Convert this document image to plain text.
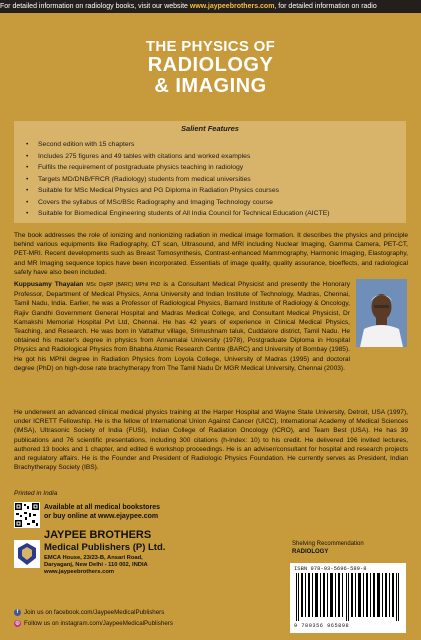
For detailed information on radiology books, visit our website www.jaypeebrothers.com, for detailed information on radio
THE PHYSICS OF
RADIOLOGY
& IMAGING
Salient Features
• Second edition with 15 chapters
• Includes 275 figures and 49 tables with citations and worked examples
• Fulfils the requirement of postgraduate physics teaching in radiology
• Targets MD/DNB/FRCR (Radiology) students from medical universities
• Suitable for MSc Medical Physics and PG Diploma in Radiation Physics courses
• Covers the syllabus of MSc/BSc Radiography and Imaging Technology course
• Suitable for Biomedical Engineering students of All India Council for Technical Education (AICTE)

The book addresses the role of ionizing and nonionizing radiation in medical image formation. It describes the physics and principle behind various equipments like Radiography, CT scan, Ultrasound, and MRI including Nuclear Imaging, Gamma Camera, PET-CT, PET-MRI. Recent developments such as Breast Tomosynthesis, Contrast-enhanced Mammography, Harmonic Imaging, Elastography, and MR Imaging sequence topics have been incorporated. Essentials of image quality, quality assurance, bioeffects, and radiological safety have also been included.

Kuppusamy Thayalan MSc DipRP (BARC) MPhil PhD is a Consultant Medical Physicist and presently the Honorary Professor, Department of Medical Physics, Anna University and Indian Institute of Technology, Madras, Chennai, Tamil Nadu, India. Earlier, he was a Professor of Radiological Physics, Barnard Institute of Radiology & Oncology, Rajiv Gandhi Government General Hospital and Madras Medical College, and Consultant Medical Physicist, Dr Kamakshi Memorial Hospital Pvt Ltd, Chennai. He has 42 years of experience in Clinical Medical Physics, Teaching, and Research. He was born in Vattathur village, Srimushnam taluk, Cuddalore district, Tamil Nadu. He obtained his master's degree in physics from Annamalai University (1978), Postgraduate Diploma in Hospital Physics and Radiological Physics from Bhabha Atomic Research Centre (BARC) and University of Bombay (1985). He got his MPhil degree in Radiation Physics from Loyola College, University of Madras (1995) and doctoral degree (PhD) on high-dose rate brachytherapy from The Tamil Nadu Dr MGR Medical University, Chennai (2003).

He underwent an advanced clinical medical physics training at the Harper Hospital and Wayne State University, Detroit, USA (1997), under ICRETT Fellowship. He is the fellow of International Union Against Cancer (UICC), International Academy of Medical Sciences (IMSA), Ultrasonic Society of India (FUSI), Indian College of Radiation Oncology (ICRO), and Team Best (USA). He has 39 publications and 76 scientific presentations, including 300 citations (h-Index: 10) to his credit. He delivered 196 invited lectures, authored 13 books and 1 chapter, and edited 6 workshop proceedings. He is an adviser/consultant for hospital and research projects and regulatory affairs. He is the Founder and President of Radiologic Physics Foundation. He currently serves as President, Indian Brachytherapy Society (IBS).

Printed in India
Available at all medical bookstores
or buy online at www.ejaypee.com
JAYPEE BROTHERS
Medical Publishers (P) Ltd.
EMCA House, 23/23-B, Ansari Road,
Daryaganj, New Delhi - 110 002, INDIA
www.jaypeebrothers.com
f Join us on facebook.com/JaypeeMedicalPublishers
◎ Follow us on instagram.com/JaypeeMedicalPublishers
Shelving Recommendation
RADIOLOGY
ISBN 978-93-5696-589-8
9 789356 965898
